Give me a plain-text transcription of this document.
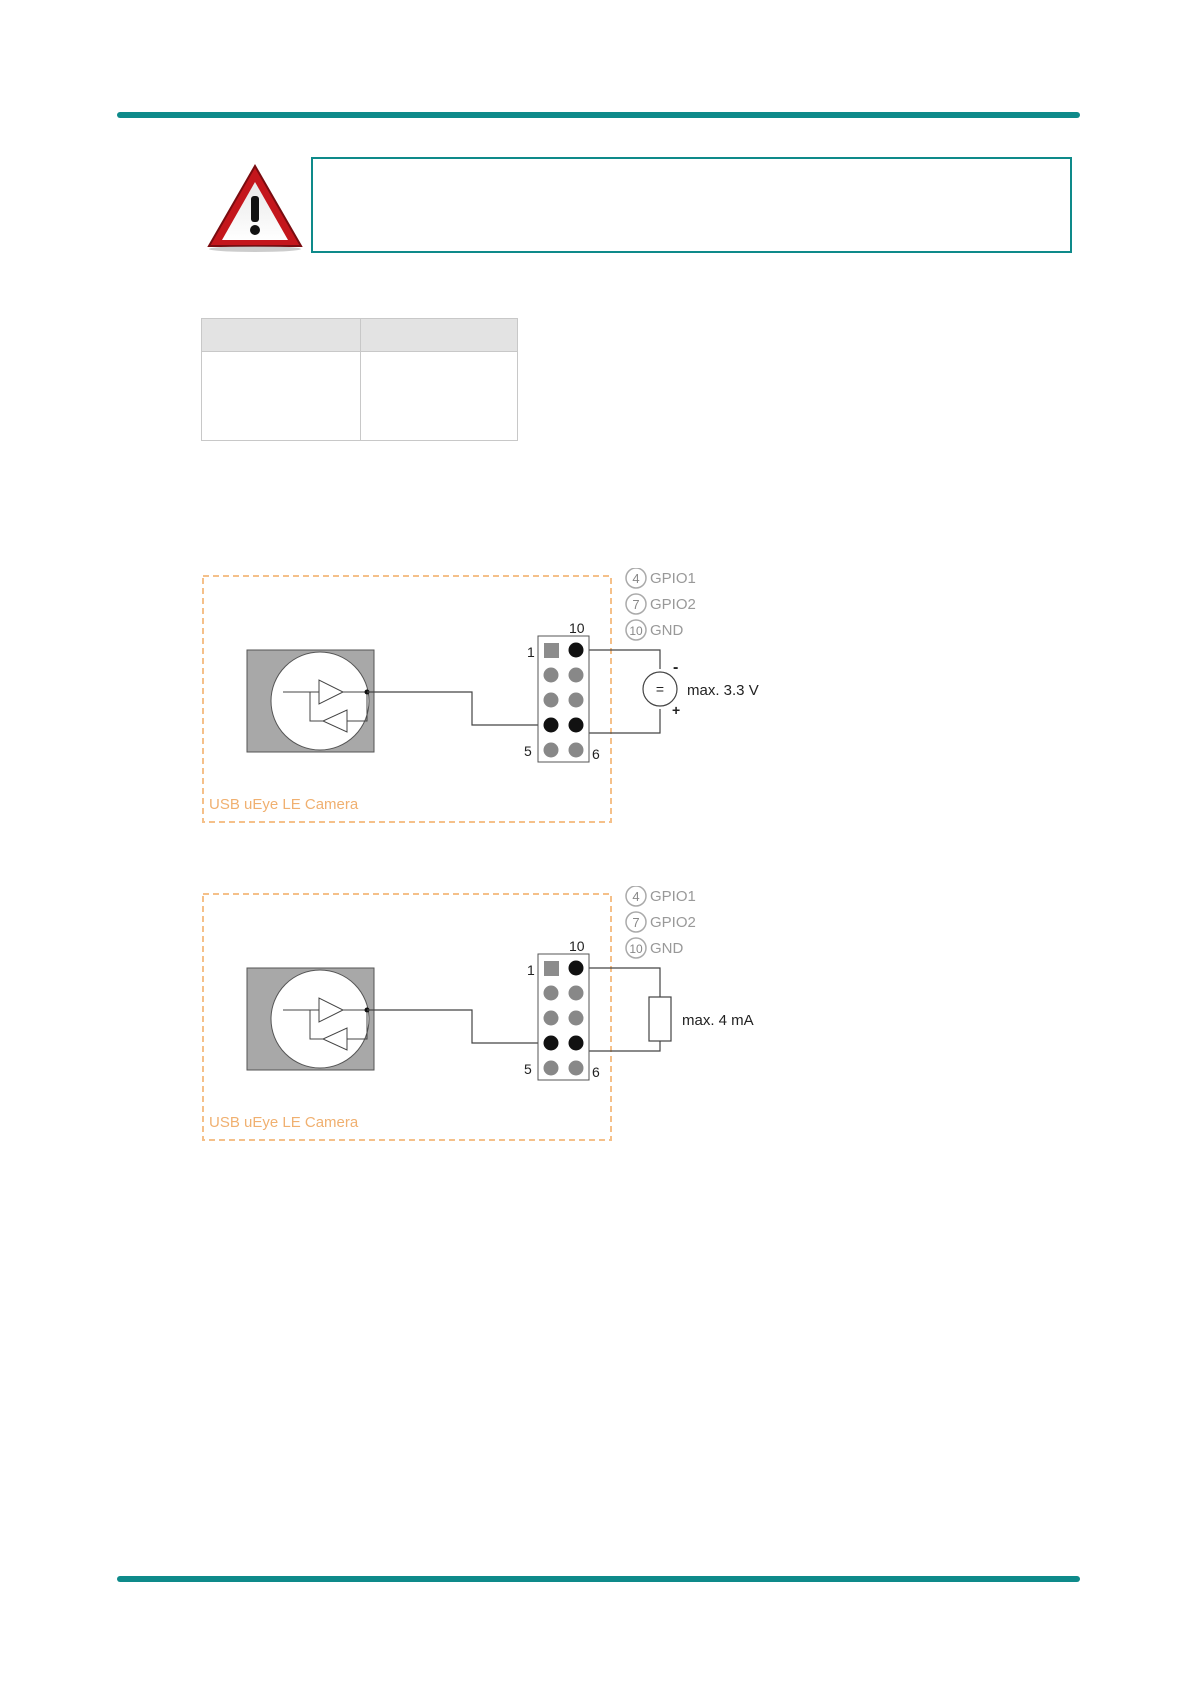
USB uEye LE Camera
4 GPIO1
7 GPIO2
10 GND
10
1
5	6
=
-
+
max. 3.3 V
USB uEye LE Camera
4 GPIO1
7 GPIO2
10 GND
10
1
5	6
max. 4 mA
